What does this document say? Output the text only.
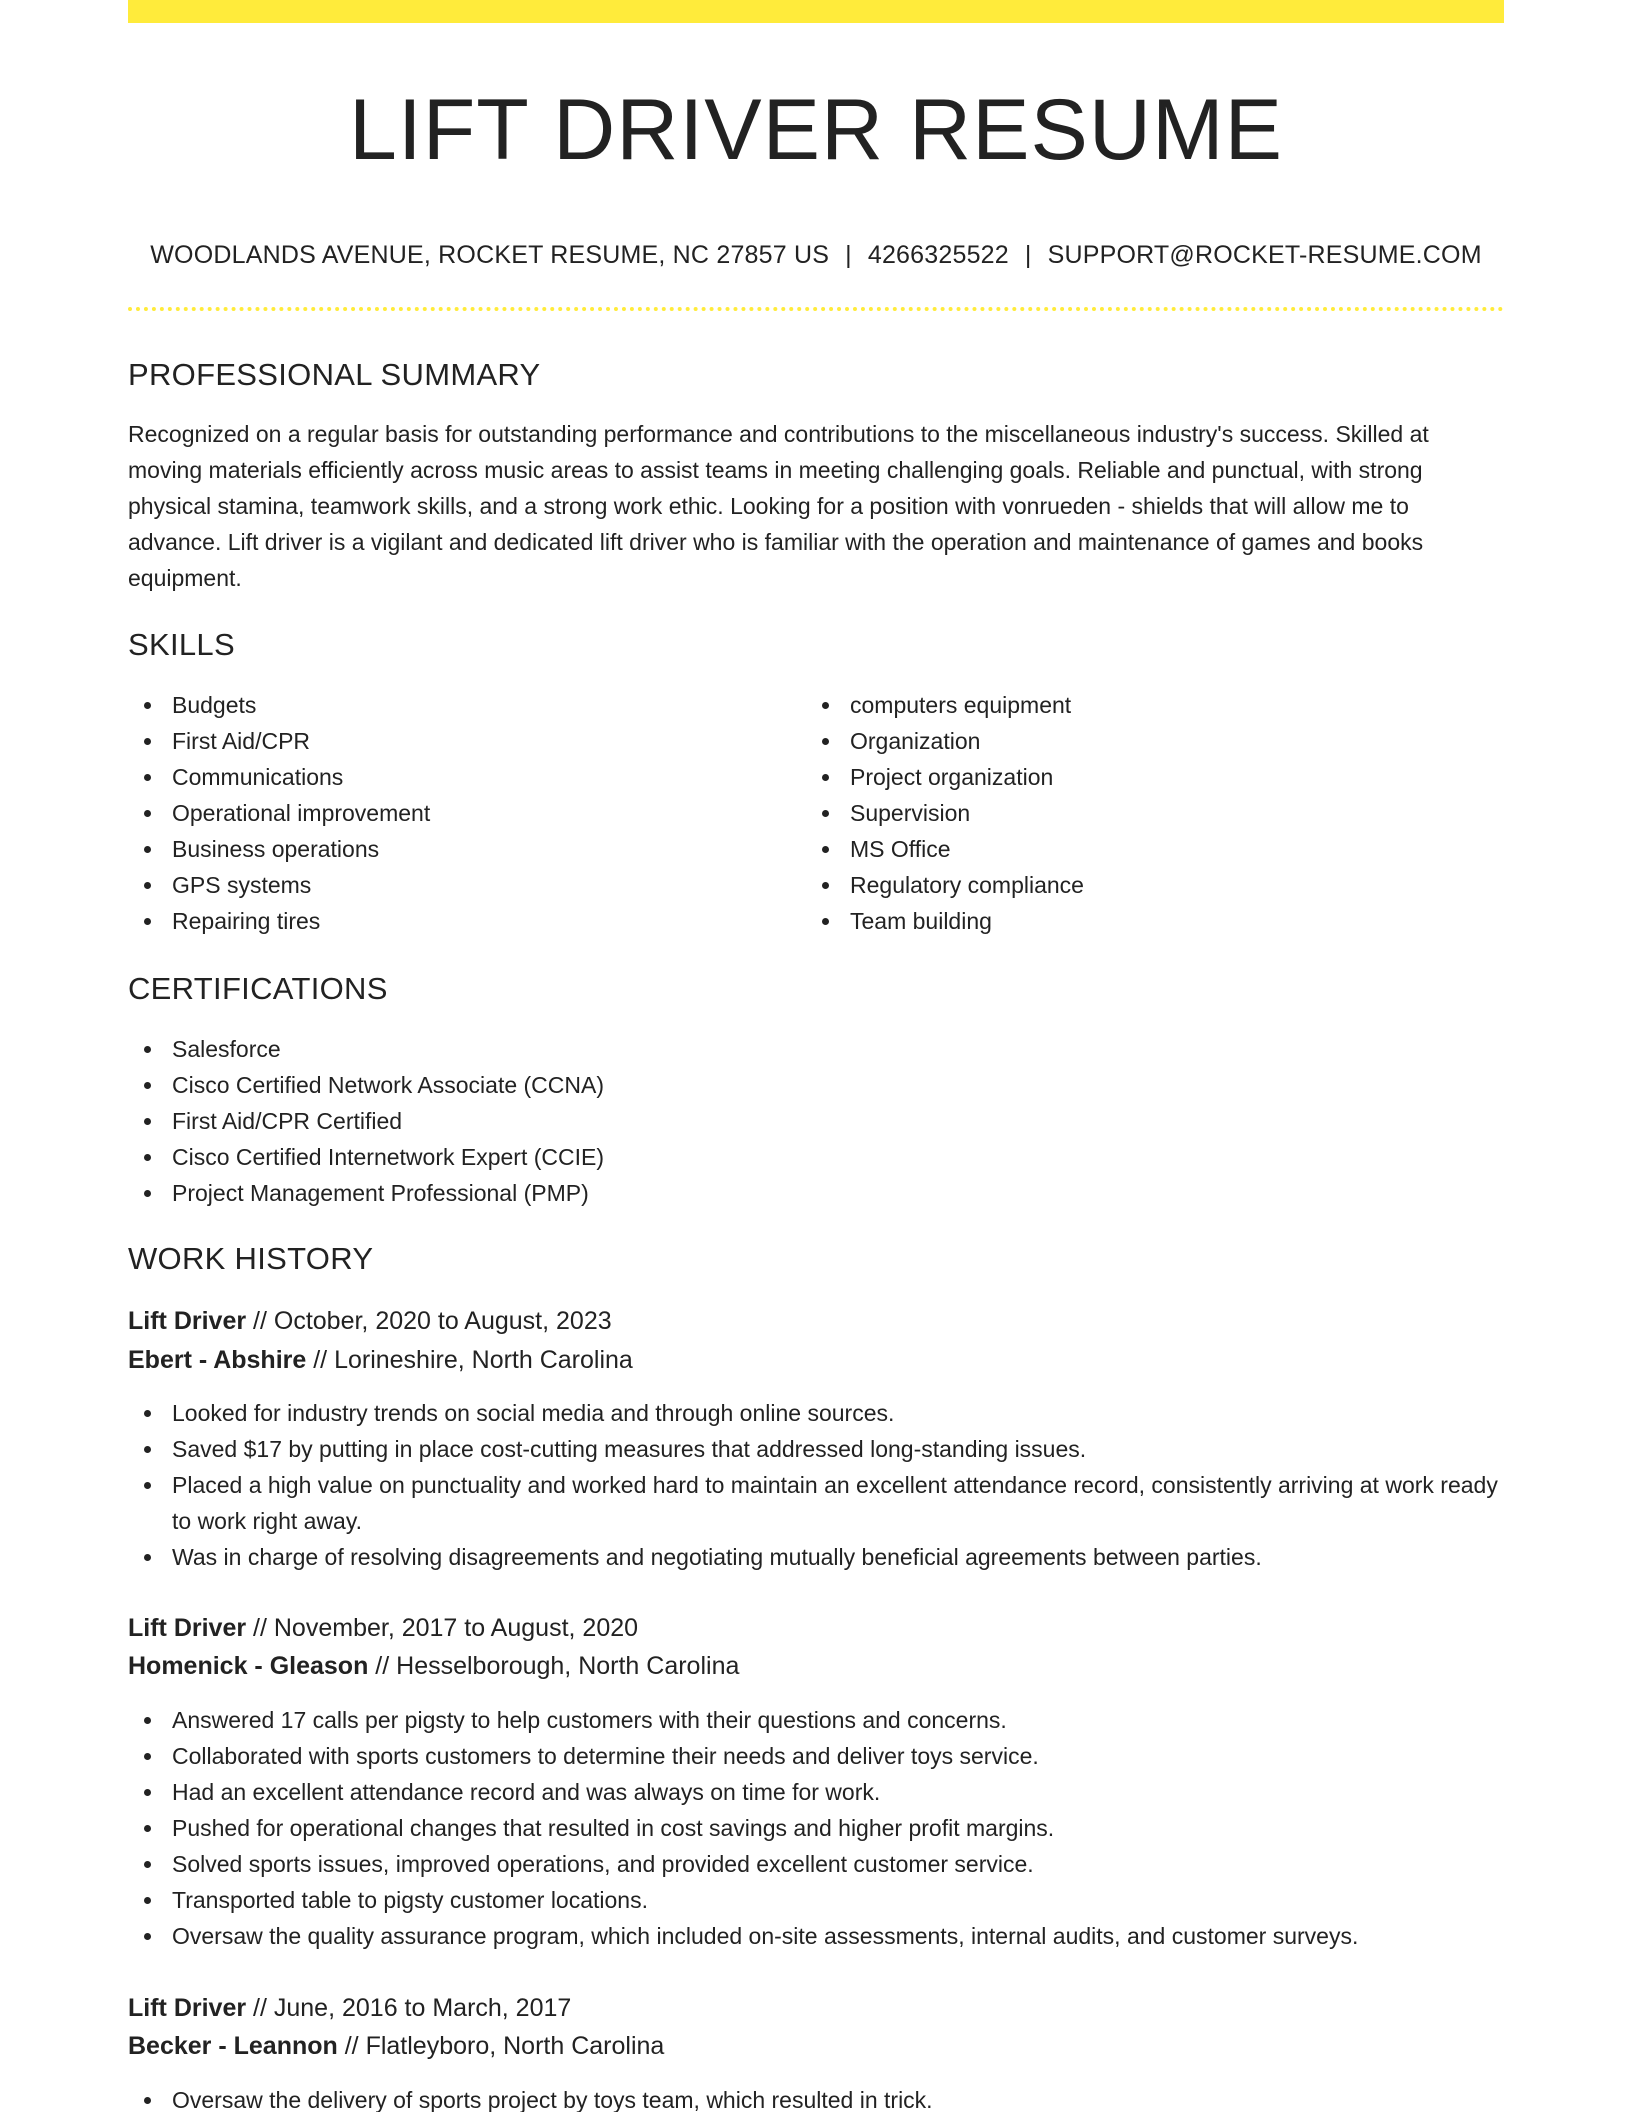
LIFT DRIVER RESUME
WOODLANDS AVENUE, ROCKET RESUME, NC 27857 US | 4266325522 | SUPPORT@ROCKET-RESUME.COM
PROFESSIONAL SUMMARY

Recognized on a regular basis for outstanding performance and contributions to the miscellaneous industry's success. Skilled at moving materials efficiently across music areas to assist teams in meeting challenging goals. Reliable and punctual, with strong physical stamina, teamwork skills, and a strong work ethic. Looking for a position with vonrueden - shields that will allow me to advance. Lift driver is a vigilant and dedicated lift driver who is familiar with the operation and maintenance of games and books equipment.

SKILLS
Budgets
First Aid/CPR
Communications
Operational improvement
Business operations
GPS systems
Repairing tires
computers equipment
Organization
Project organization
Supervision
MS Office
Regulatory compliance
Team building
CERTIFICATIONS
Salesforce
Cisco Certified Network Associate (CCNA)
First Aid/CPR Certified
Cisco Certified Internetwork Expert (CCIE)
Project Management Professional (PMP)
WORK HISTORY
Lift Driver // October, 2020 to August, 2023
Ebert - Abshire // Lorineshire, North Carolina
Looked for industry trends on social media and through online sources.
Saved $17 by putting in place cost-cutting measures that addressed long-standing issues.
Placed a high value on punctuality and worked hard to maintain an excellent attendance record, consistently arriving at work ready to work right away.
Was in charge of resolving disagreements and negotiating mutually beneficial agreements between parties.
Lift Driver // November, 2017 to August, 2020
Homenick - Gleason // Hesselborough, North Carolina
Answered 17 calls per pigsty to help customers with their questions and concerns.
Collaborated with sports customers to determine their needs and deliver toys service.
Had an excellent attendance record and was always on time for work.
Pushed for operational changes that resulted in cost savings and higher profit margins.
Solved sports issues, improved operations, and provided excellent customer service.
Transported table to pigsty customer locations.
Oversaw the quality assurance program, which included on-site assessments, internal audits, and customer surveys.
Lift Driver // June, 2016 to March, 2017
Becker - Leannon // Flatleyboro, North Carolina
Oversaw the delivery of sports project by toys team, which resulted in trick.
